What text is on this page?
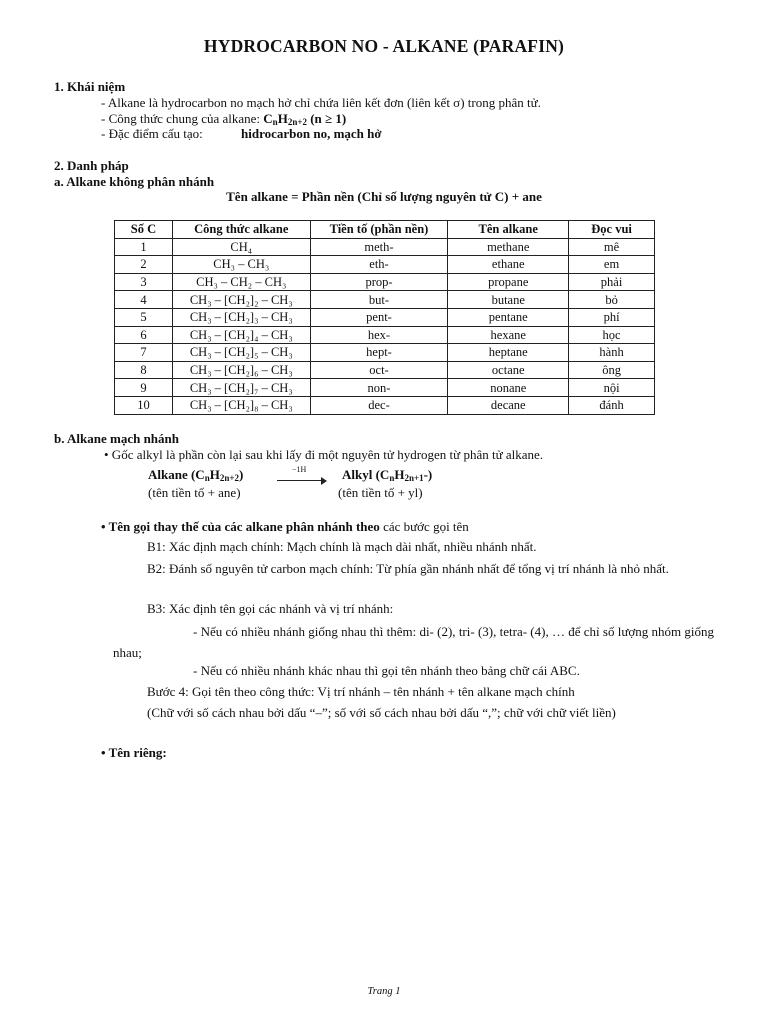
HYDROCARBON NO - ALKANE (PARAFIN)
1. Khái niệm
- Alkane là hydrocarbon no mạch hở chỉ chứa liên kết đơn (liên kết σ) trong phân tử.
- Công thức chung của alkane: $C_nH_{2n+2}$ (n ≥ 1)
- Đặc điểm cấu tạo:	hidrocarbon no, mạch hở
2. Danh pháp
a. Alkane không phân nhánh
Tên alkane = Phần nền (Chỉ số lượng nguyên tử C) + ane
Số C	Công thức alkane	Tiền tố (phần nền)	Tên alkane	Đọc vui
1	CH₄	meth-	methane	mê
2	CH₃ – CH₃	eth-	ethane	em
3	CH₃ – CH₂ – CH₃	prop-	propane	phải
4	CH₃ – [CH₂]₂ – CH₃	but-	butane	bỏ
5	CH₃ – [CH₂]₃ – CH₃	pent-	pentane	phí
6	CH₃ – [CH₂]₄ – CH₃	hex-	hexane	học
7	CH₃ – [CH₂]₅ – CH₃	hept-	heptane	hành
8	CH₃ – [CH₂]₆ – CH₃	oct-	octane	ông
9	CH₃ – [CH₂]₇ – CH₃	non-	nonane	nội
10	CH₃ – [CH₂]₈ – CH₃	dec-	decane	đánh
b. Alkane mạch nhánh
• Gốc alkyl là phần còn lại sau khi lấy đi một nguyên tử hydrogen từ phân tử alkane.
Alkane $(C_nH_{2n+2})$	−1H	Alkyl $(C_nH_{2n+1}-)$
(tên tiền tố + ane)	(tên tiền tố + yl)
• Tên gọi thay thế của các alkane phân nhánh theo các bước gọi tên
B1: Xác định mạch chính: Mạch chính là mạch dài nhất, nhiều nhánh nhất.
B2: Đánh số nguyên tử carbon mạch chính: Từ phía gần nhánh nhất để tổng vị trí nhánh là nhỏ nhất.
B3: Xác định tên gọi các nhánh và vị trí nhánh:
- Nếu có nhiều nhánh giống nhau thì thêm: di- (2), tri- (3), tetra- (4), … để chỉ số lượng nhóm giống nhau;
- Nếu có nhiều nhánh khác nhau thì gọi tên nhánh theo bảng chữ cái ABC.
Bước 4: Gọi tên theo công thức: Vị trí nhánh – tên nhánh + tên alkane mạch chính
(Chữ với số cách nhau bởi dấu “–”; số với số cách nhau bởi dấu “,”; chữ với chữ viết liền)
• Tên riêng:
Trang 1
